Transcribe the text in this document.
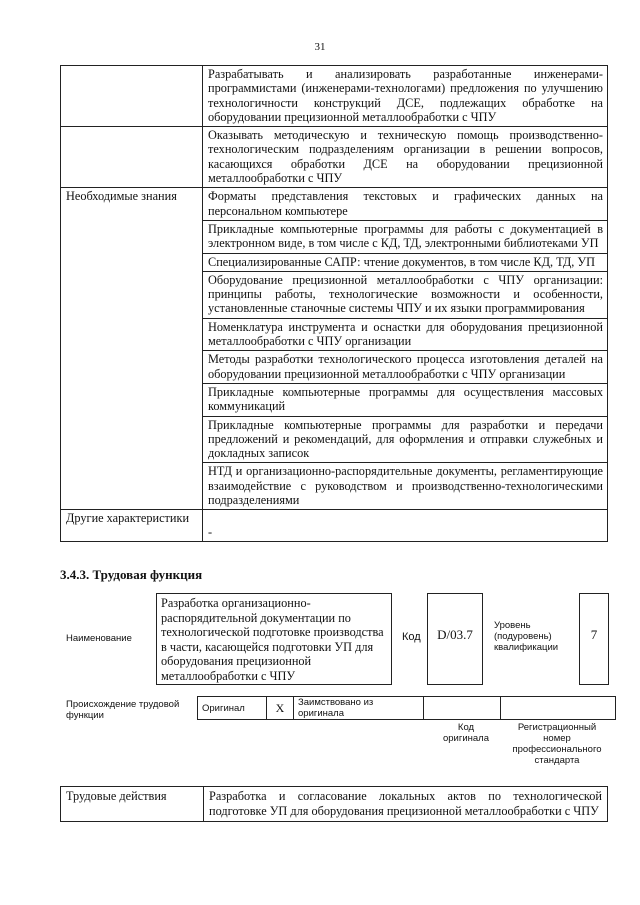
31
	Разрабатывать и анализировать разработанные инженерами-программистами (инженерами-технологами) предложения по улучшению технологичности конструкций ДСЕ, подлежащих обработке на оборудовании прецизионной металлообработки с ЧПУ
	Оказывать методическую и техническую помощь производственно-технологическим подразделениям организации в решении вопросов, касающихся обработки ДСЕ на оборудовании прецизионной металлообработки с ЧПУ
Необходимые знания	Форматы представления текстовых и графических данных на персональном компьютере
	Прикладные компьютерные программы для работы с документацией в электронном виде, в том числе с КД, ТД, электронными библиотеками УП
	Специализированные САПР: чтение документов, в том числе КД, ТД, УП
	Оборудование прецизионной металлообработки с ЧПУ организации: принципы работы, технологические возможности и особенности, установленные станочные системы ЧПУ и их языки программирования
	Номенклатура инструмента и оснастки для оборудования прецизионной металлообработки с ЧПУ организации
	Методы разработки технологического процесса изготовления деталей на оборудовании прецизионной металлообработки с ЧПУ организации
	Прикладные компьютерные программы для осуществления массовых коммуникаций
	Прикладные компьютерные программы для разработки и передачи предложений и рекомендаций, для оформления и отправки служебных и докладных записок
	НТД и организационно-распорядительные документы, регламентирующие взаимодействие с руководством и производственно-технологическими подразделениями
Другие характеристики	-
3.4.3. Трудовая функция
Наименование
Разработка организационно-распорядительной документации по технологической подготовке производства в части, касающейся подготовки УП для оборудования прецизионной металлообработки с ЧПУ
Код	D/03.7
Уровень (подуровень) квалификации
7
Происхождение трудовой функции
Оригинал	X	Заимствовано из оригинала		
Код оригинала
Регистрационный номер профессионального стандарта
Трудовые действия	Разработка и согласование локальных актов по технологической подготовке УП для оборудования прецизионной металлообработки с ЧПУ
